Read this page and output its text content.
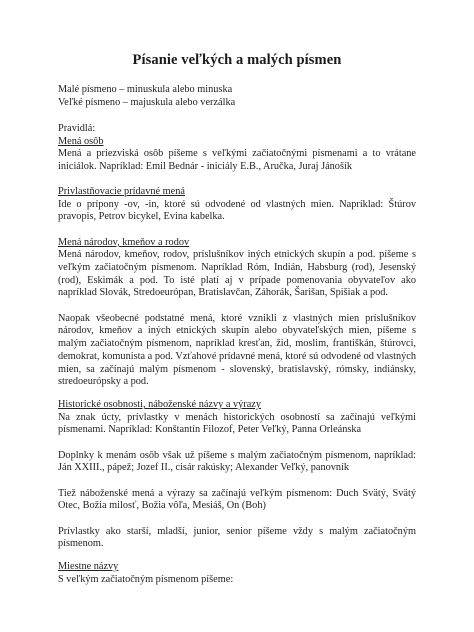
Písanie veľkých a malých písmen
Malé písmeno – minuskula alebo minuska
Veľké písmeno – majuskula alebo verzálka
Pravidlá:
Mená osôb

Mená a priezviská osôb píšeme s veľkými začiatočnými písmenami a to vrátane iniciálok. Napríklad: Emil Bednár - iniciály E.B., Aručka, Juraj Jánošík

Privlastňovacie prídavné mená

Ide o prípony -ov, -in, ktoré sú odvodené od vlastných mien. Napríklad: Štúrov pravopis, Petrov bicykel, Evina kabelka.

Mená národov, kmeňov a rodov

Mená národov, kmeňov, rodov, príslušníkov iných etnických skupín a pod. píšeme s veľkým začiatočným písmenom. Napríklad Róm, Indián, Habsburg (rod), Jesenský (rod), Eskimák a pod. To isté platí aj v prípade pomenovania obyvateľov ako napríklad Slovák, Stredoeurópan, Bratislavčan, Záhorák, Šarišan, Spišiak a pod.

Naopak všeobecné podstatné mená, ktoré vznikli z vlastných mien príslušníkov národov, kmeňov a iných etnických skupín alebo obyvateľských mien, píšeme s malým začiatočným písmenom, napríklad kresťan, žid, moslim, františkán, štúrovci, demokrat, komunista a pod. Vzťahové prídavné mená, ktoré sú odvodené od vlastných mien, sa začínajú malým písmenom - slovenský, bratislavský, rómsky, indiánsky, stredoeurópsky a pod.

Historické osobnosti, náboženské názvy a výrazy

Na znak úcty, prívlastky v menách historických osobností sa začínajú veľkými písmenami. Napríklad: Konštantín Filozof, Peter Veľký, Panna Orleánska

Doplnky k menám osôb však už píšeme s malým začiatočným písmenom, napríklad: Ján XXIII., pápež; Jozef II., cisár rakúsky; Alexander Veľký, panovník

Tiež náboženské mená a výrazy sa začínajú veľkým písmenom: Duch Svätý, Svätý Otec, Božia milosť, Božia vôľa, Mesiáš, On (Boh)

Prívlastky ako starší, mladší, junior, senior píšeme vždy s malým začiatočným písmenom.

Miestne názvy

S veľkým začiatočným písmenom píšeme:
